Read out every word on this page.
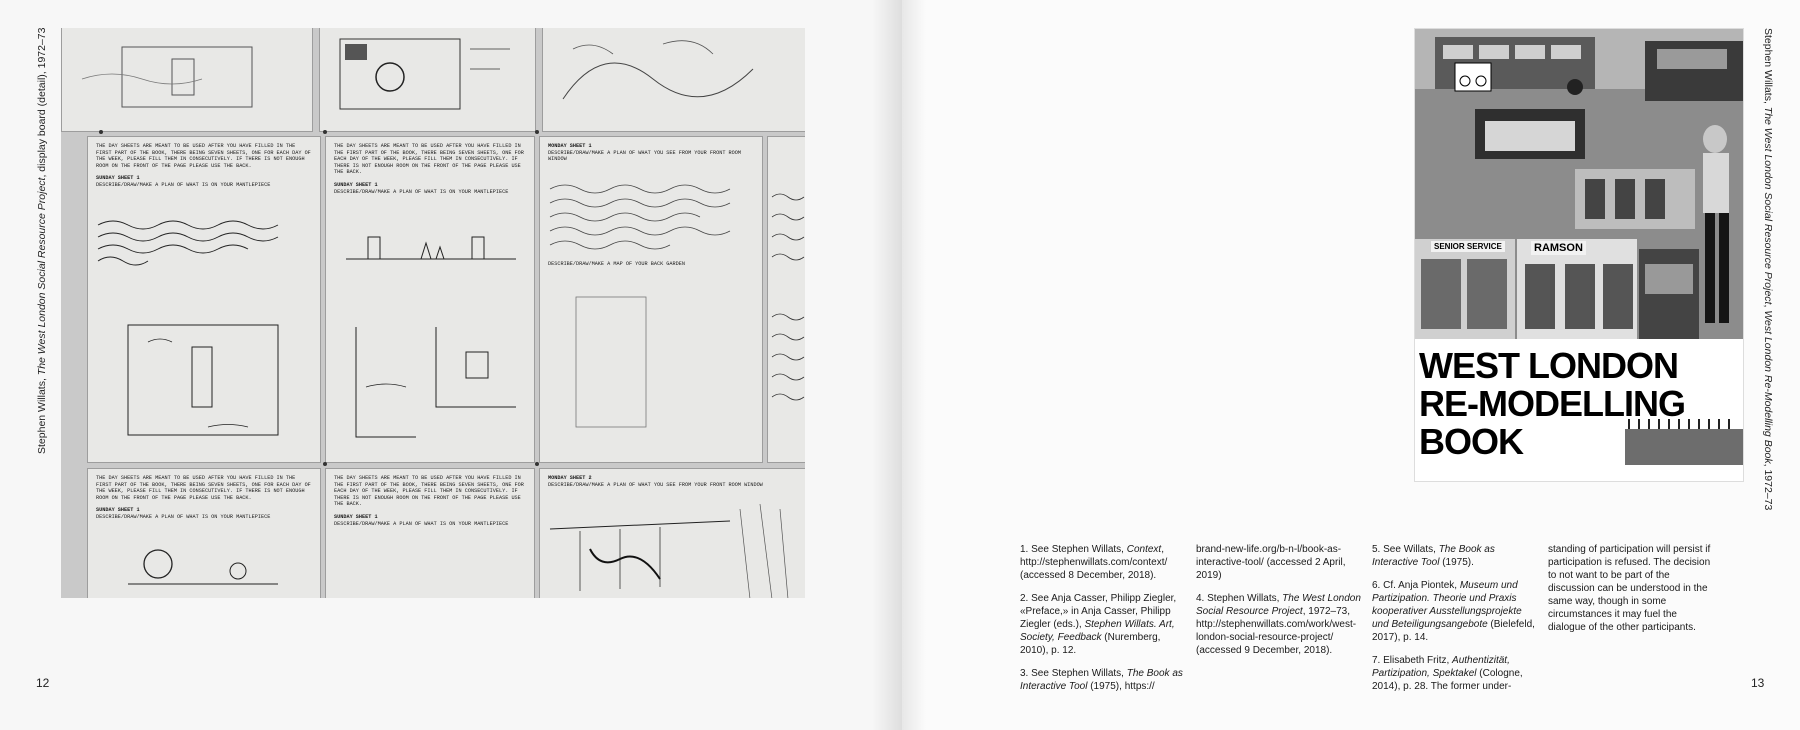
Stephen Willats, The West London Social Resource Project, display board (detail), 1972–73	THE DAY SHEETS ARE MEANT TO BE USED AFTER YOU HAVE FILLED IN THE FIRST PART OF THE BOOK, THERE BEING SEVEN SHEETS, ONE FOR EACH DAY OF THE WEEK, PLEASE FILL THEM IN CONSECUTIVELY. IF THERE IS NOT ENOUGH ROOM ON THE FRONT OF THE PAGE PLEASE USE THE BACK.
SUNDAY SHEET 1
DESCRIBE/DRAW/MAKE A PLAN OF WHAT IS ON YOUR MANTLEPIECE
THE DAY SHEETS ARE MEANT TO BE USED AFTER YOU HAVE FILLED IN THE FIRST PART OF THE BOOK, THERE BEING SEVEN SHEETS, ONE FOR EACH DAY OF THE WEEK, PLEASE FILL THEM IN CONSECUTIVELY. IF THERE IS NOT ENOUGH ROOM ON THE FRONT OF THE PAGE PLEASE USE THE BACK.
SUNDAY SHEET 1
DESCRIBE/DRAW/MAKE A PLAN OF WHAT IS ON YOUR MANTLEPIECE
MONDAY SHEET 1
DESCRIBE/DRAW/MAKE A PLAN OF WHAT YOU SEE FROM YOUR FRONT ROOM WINDOW
DESCRIBE/DRAW/MAKE A MAP OF YOUR BACK GARDEN
THE DAY SHEETS ARE MEANT TO BE USED AFTER YOU HAVE FILLED IN THE FIRST PART OF THE BOOK, THERE BEING SEVEN SHEETS, ONE FOR EACH DAY OF THE WEEK, PLEASE FILL THEM IN CONSECUTIVELY. IF THERE IS NOT ENOUGH ROOM ON THE FRONT OF THE PAGE PLEASE USE THE BACK.
SUNDAY SHEET 1
DESCRIBE/DRAW/MAKE A PLAN OF WHAT IS ON YOUR MANTLEPIECE
THE DAY SHEETS ARE MEANT TO BE USED AFTER YOU HAVE FILLED IN THE FIRST PART OF THE BOOK, THERE BEING SEVEN SHEETS, ONE FOR EACH DAY OF THE WEEK, PLEASE FILL THEM IN CONSECUTIVELY. IF THERE IS NOT ENOUGH ROOM ON THE FRONT OF THE PAGE PLEASE USE THE BACK.
SUNDAY SHEET 1
DESCRIBE/DRAW/MAKE A PLAN OF WHAT IS ON YOUR MANTLEPIECE
MONDAY SHEET 2
DESCRIBE/DRAW/MAKE A PLAN OF WHAT YOU SEE FROM YOUR FRONT ROOM WINDOW
12
SENIOR SERVICE	RAMSON
WEST LONDON
RE-MODELLING
BOOK
Stephen Willats, The West London Social Resource Project, West London Re-Modelling Book, 1972–73

1. See Stephen Willats, Context, http://stephenwillats.com/context/ (accessed 8 December, 2018).

2. See Anja Casser, Philipp Ziegler, «Preface,» in Anja Casser, Philipp Ziegler (eds.), Stephen Willats. Art, Society, Feedback (Nuremberg, 2010), p. 12.

3. See Stephen Willats, The Book as Interactive Tool (1975), https://

brand-new-life.org/b-n-l/book-as-interactive-tool/ (accessed 2 April, 2019)

4. Stephen Willats, The West London Social Resource Project, 1972–73, http://stephenwillats.com/work/west-london-social-resource-project/ (accessed 9 December, 2018).

5. See Willats, The Book as Interactive Tool (1975).

6. Cf. Anja Piontek, Museum und Partizipation. Theorie und Praxis kooperativer Ausstellungsprojekte und Beteiligungsangebote (Bielefeld, 2017), p. 14.

7. Elisabeth Fritz, Authentizität, Partizipation, Spektakel (Cologne, 2014), p. 28. The former under-

standing of participation will persist if participation is refused. The decision to not want to be part of the discussion can be understood in the same way, though in some circumstances it may fuel the dialogue of the other participants.

13
